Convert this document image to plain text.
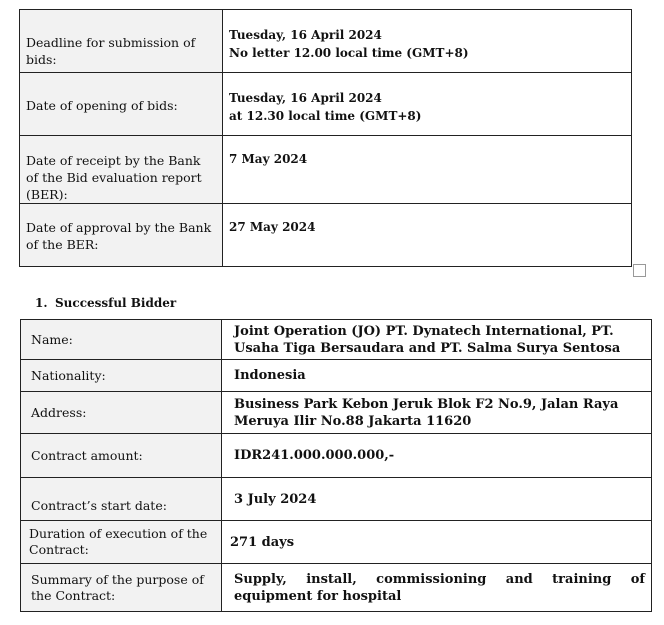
Deadline for submission of bids:	Tuesday, 16 April 2024
No letter 12.00 local time (GMT+8)

Date of opening of bids:	Tuesday, 16 April 2024
at 12.30 local time (GMT+8)

Date of receipt by the Bank of the Bid evaluation report (BER):	7 May 2024

Date of approval by the Bank of the BER:	27 May 2024
1. Successful Bidder
Name:	Joint Operation (JO) PT. Dynatech International, PT. Usaha Tiga Bersaudara and PT. Salma Surya Sentosa
Nationality:	Indonesia
Address:	Business Park Kebon Jeruk Blok F2 No.9, Jalan Raya Meruya Ilir No.88 Jakarta 11620
Contract amount:	IDR241.000.000.000,-
Contract’s start date:	3 July 2024
Duration of execution of the Contract:	271 days
Summary of the purpose of the Contract:	Supply, install, commissioning and training of equipment for hospital
